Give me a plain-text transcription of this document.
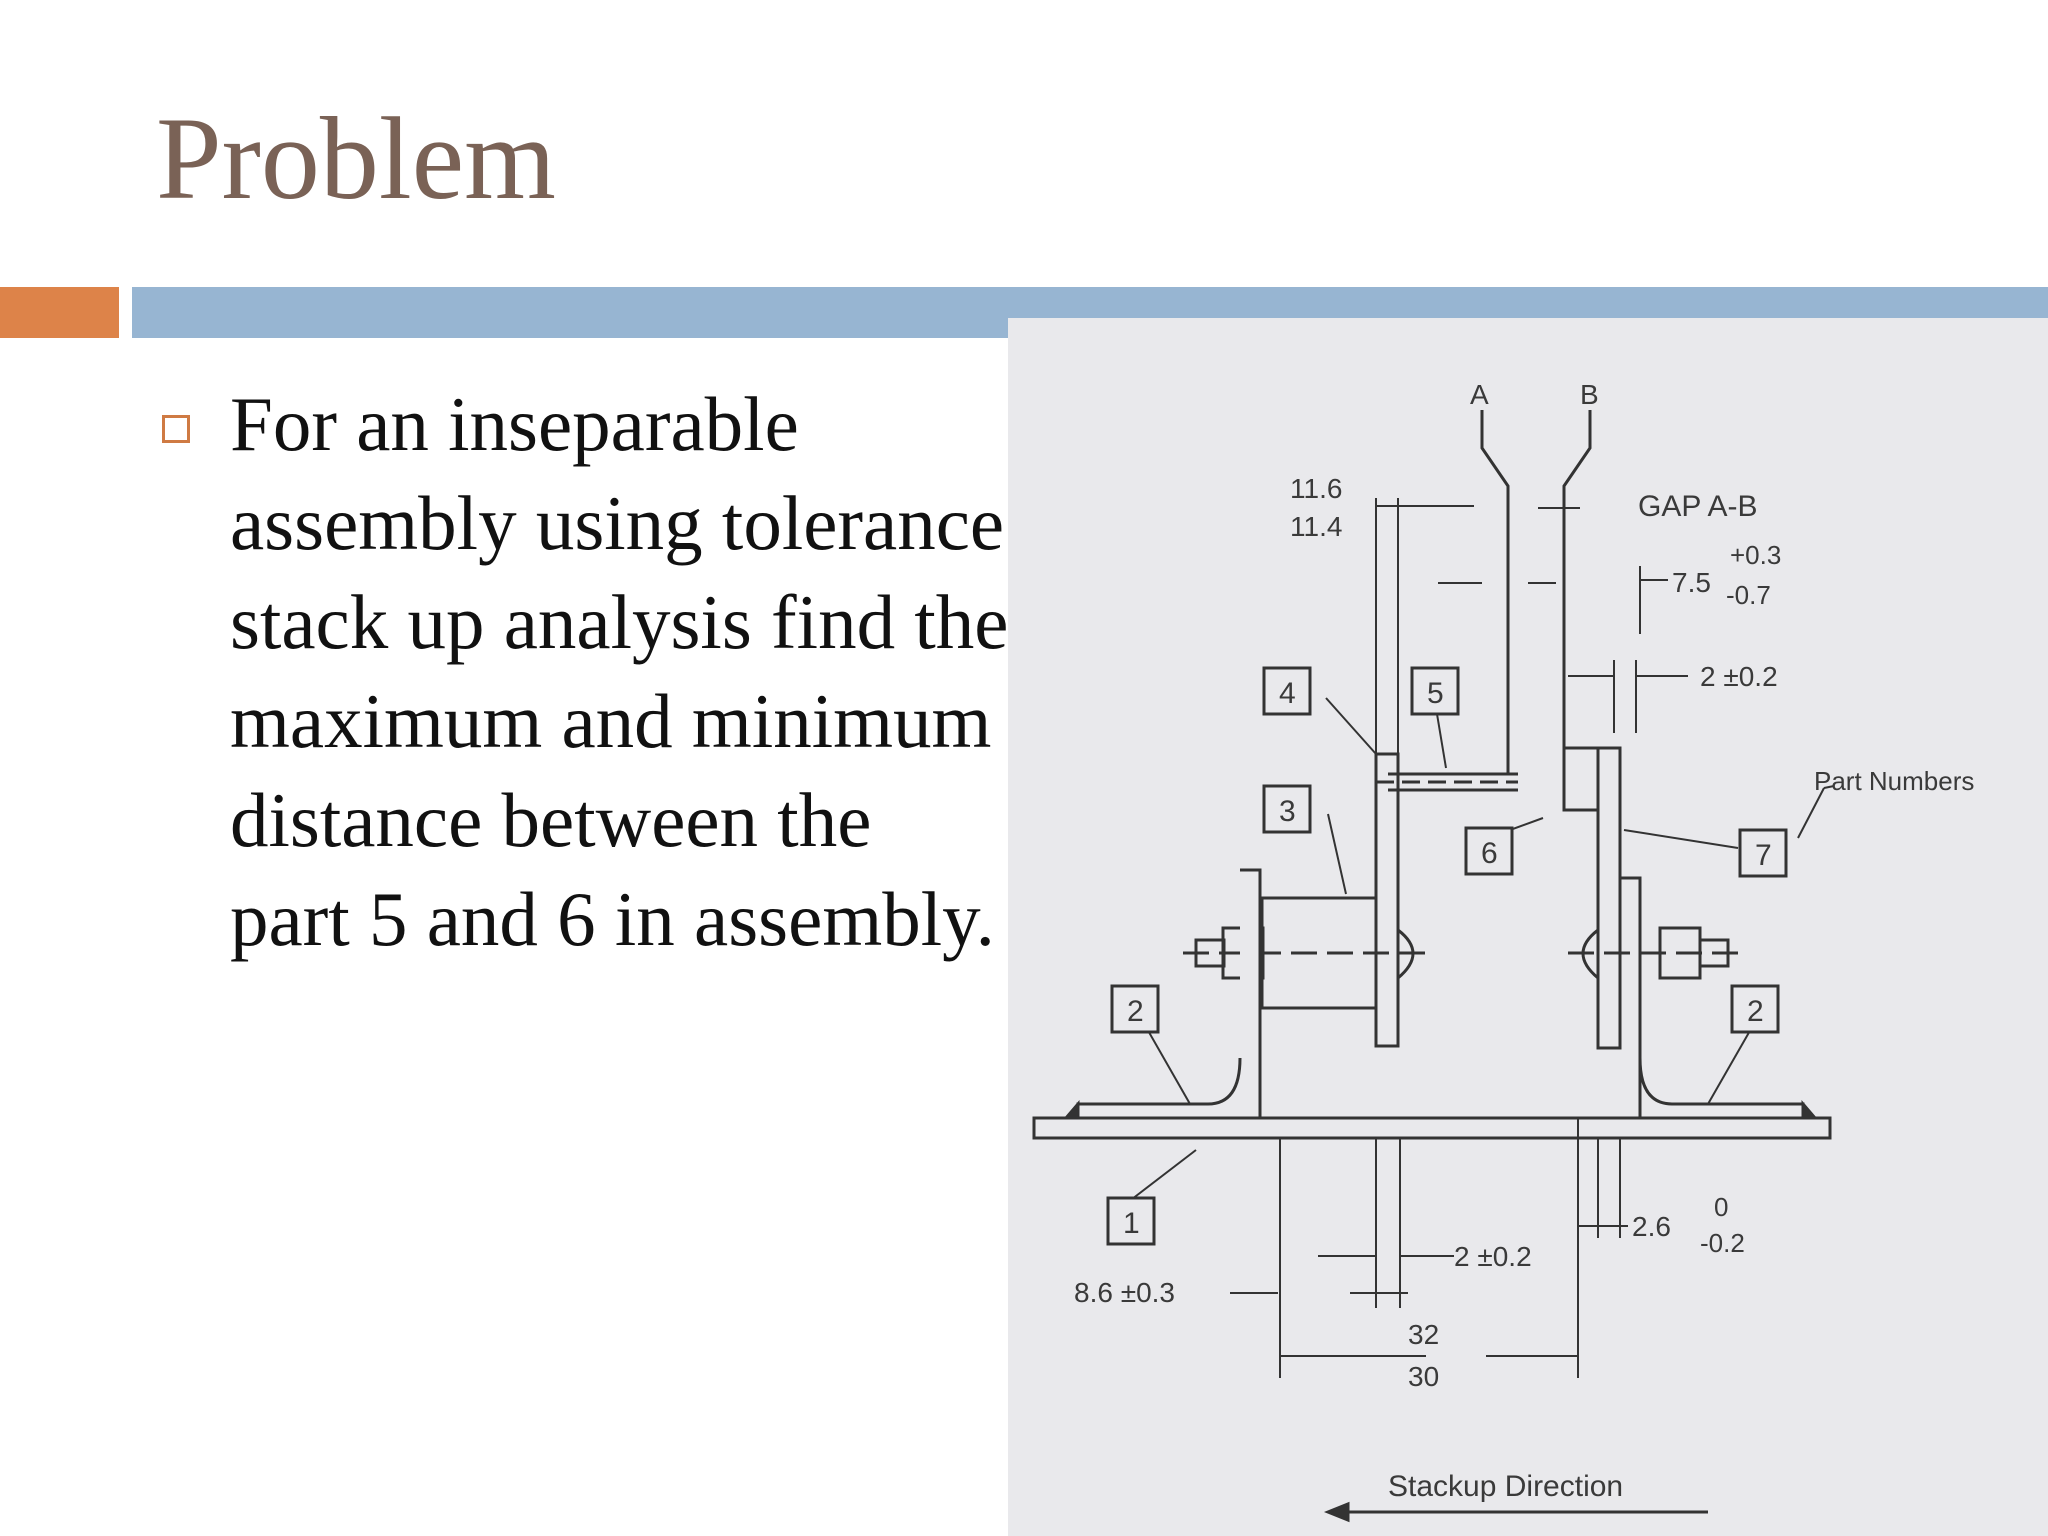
Problem
For an inseparable assembly using tolerance stack up analysis find the maximum and minimum distance between the part 5 and 6 in assembly.
1
2	2
3
4	5
6	7
A	B
11.6
11.4
GAP A-B
7.5
+0.3
-0.7
2 ±0.2
Part Numbers
8.6 ±0.3
2 ±0.2
2.6
0
-0.2
32
30
Stackup Direction
